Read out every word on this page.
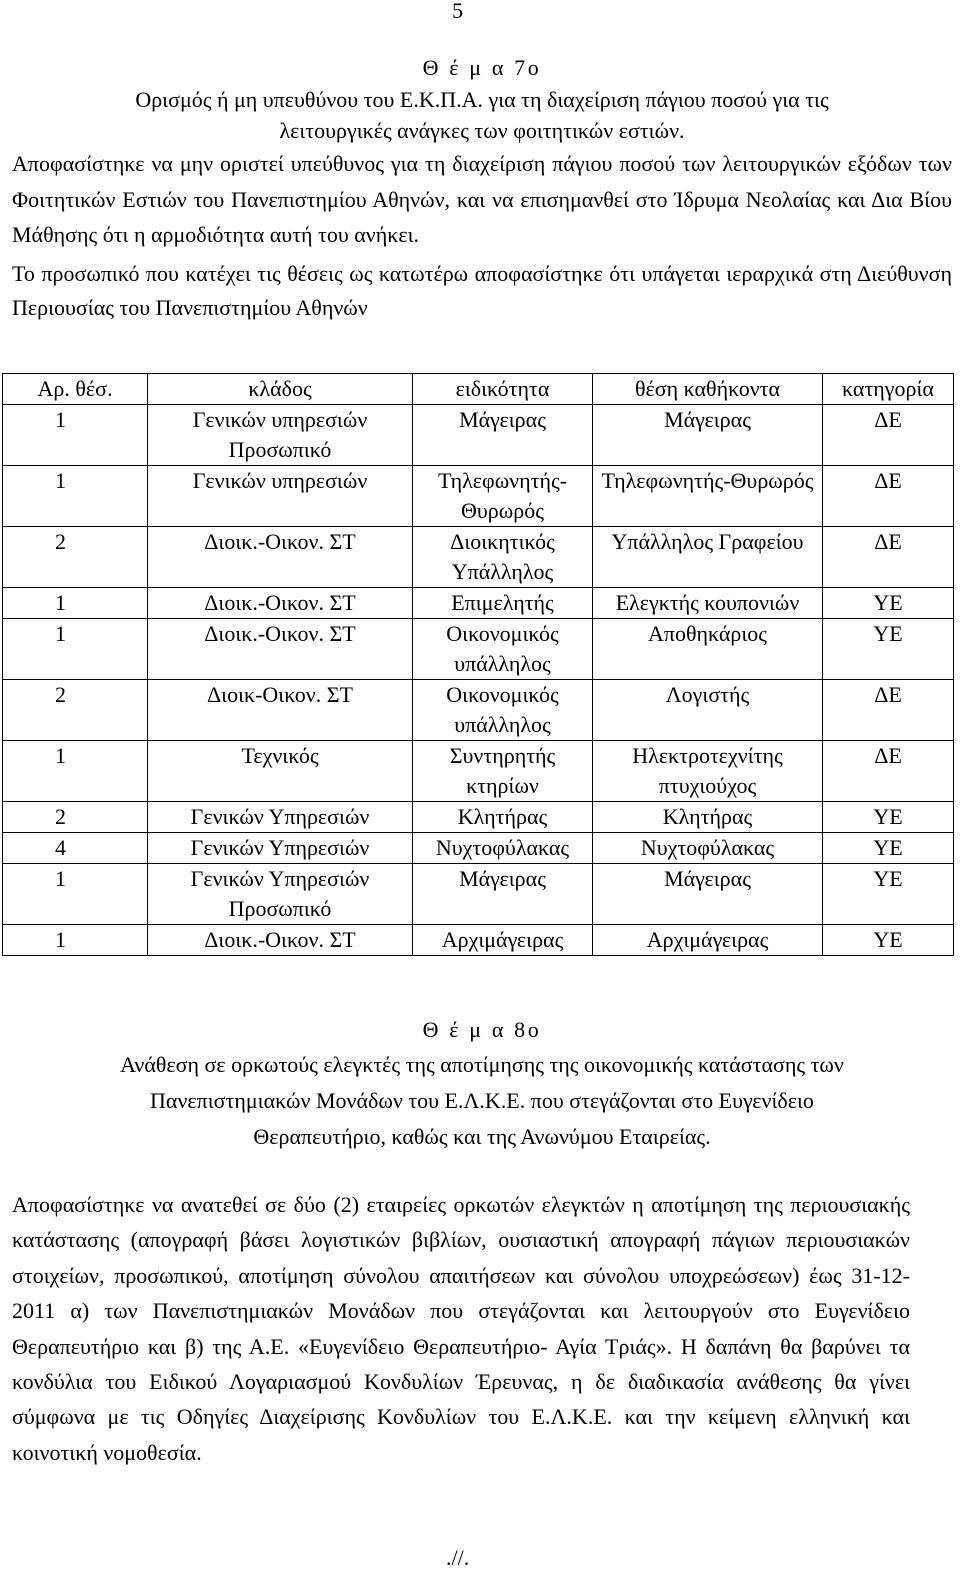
5
Θ έ μ α 7ο
Ορισμός ή μη υπευθύνου του Ε.Κ.Π.Α. για τη διαχείριση πάγιου ποσού για τις
λειτουργικές ανάγκες των φοιτητικών εστιών.

Αποφασίστηκε να μην οριστεί υπεύθυνος για τη διαχείριση πάγιου ποσού των λειτουργικών εξόδων των Φοιτητικών Εστιών του Πανεπιστημίου Αθηνών, και να επισημανθεί στο Ίδρυμα Νεολαίας και Δια Βίου Μάθησης ότι η αρμοδιότητα αυτή του ανήκει.

Το προσωπικό που κατέχει τις θέσεις ως κατωτέρω αποφασίστηκε ότι υπάγεται ιεραρχικά στη Διεύθυνση Περιουσίας του Πανεπιστημίου Αθηνών

Αρ. θέσ.	κλάδος	ειδικότητα	θέση καθήκοντα	κατηγορία
1	Γενικών υπηρεσιών Προσωπικό	Μάγειρας	Μάγειρας	ΔΕ
1	Γενικών υπηρεσιών	Τηλεφωνητής-Θυρωρός	Τηλεφωνητής-Θυρωρός	ΔΕ
2	Διοικ.-Οικον. ΣΤ	Διοικητικός Υπάλληλος	Υπάλληλος Γραφείου	ΔΕ
1	Διοικ.-Οικον. ΣΤ	Επιμελητής	Ελεγκτής κουπονιών	ΥΕ
1	Διοικ.-Οικον. ΣΤ	Οικονομικός υπάλληλος	Αποθηκάριος	ΥΕ
2	Διοικ-Οικον. ΣΤ	Οικονομικός υπάλληλος	Λογιστής	ΔΕ
1	Τεχνικός	Συντηρητής κτηρίων	Ηλεκτροτεχνίτης πτυχιούχος	ΔΕ
2	Γενικών Υπηρεσιών	Κλητήρας	Κλητήρας	ΥΕ
4	Γενικών Υπηρεσιών	Νυχτοφύλακας	Νυχτοφύλακας	ΥΕ
1	Γενικών Υπηρεσιών Προσωπικό	Μάγειρας	Μάγειρας	ΥΕ
1	Διοικ.-Οικον. ΣΤ	Αρχιμάγειρας	Αρχιμάγειρας	ΥΕ
Θ έ μ α 8ο
Ανάθεση σε ορκωτούς ελεγκτές της αποτίμησης της οικονομικής κατάστασης των
Πανεπιστημιακών Μονάδων του Ε.Λ.Κ.Ε. που στεγάζονται στο Ευγενίδειο
Θεραπευτήριο, καθώς και της Ανωνύμου Εταιρείας.

Αποφασίστηκε να ανατεθεί σε δύο (2) εταιρείες ορκωτών ελεγκτών η αποτίμηση της περιουσιακής κατάστασης (απογραφή βάσει λογιστικών βιβλίων, ουσιαστική απογραφή πάγιων περιουσιακών στοιχείων, προσωπικού, αποτίμηση σύνολου απαιτήσεων και σύνολου υποχρεώσεων) έως 31-12-2011 α) των Πανεπιστημιακών Μονάδων που στεγάζονται και λειτουργούν στο Ευγενίδειο Θεραπευτήριο και β) της Α.Ε. «Ευγενίδειο Θεραπευτήριο- Αγία Τριάς». Η δαπάνη θα βαρύνει τα κονδύλια του Ειδικού Λογαριασμού Κονδυλίων Έρευνας, η δε διαδικασία ανάθεσης θα γίνει σύμφωνα με τις Οδηγίες Διαχείρισης Κονδυλίων του Ε.Λ.Κ.Ε. και την κείμενη ελληνική και κοινοτική νομοθεσία.

.//.
